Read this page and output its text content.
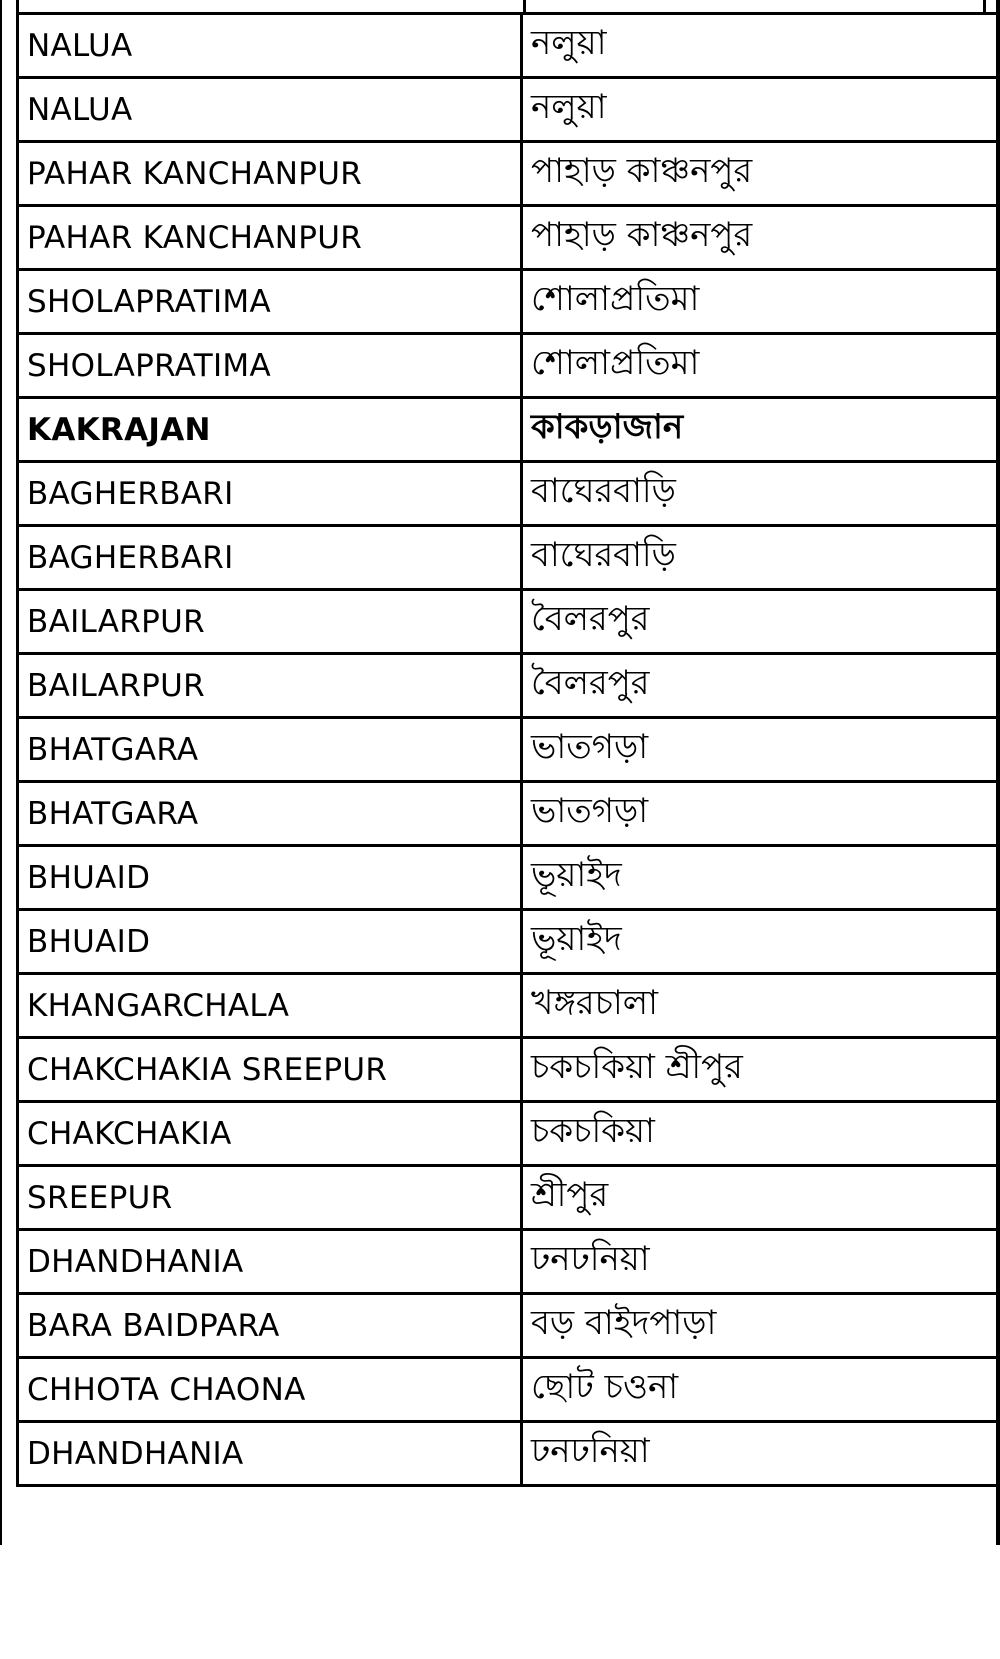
NALUA	নলুয়া
NALUA	নলুয়া
PAHAR KANCHANPUR	পাহাড় কাঞ্চনপুর
PAHAR KANCHANPUR	পাহাড় কাঞ্চনপুর
SHOLAPRATIMA	শোলাপ্রতিমা
SHOLAPRATIMA	শোলাপ্রতিমা
KAKRAJAN	কাকড়াজান
BAGHERBARI	বাঘেরবাড়ি
BAGHERBARI	বাঘেরবাড়ি
BAILARPUR	বৈলরপুর
BAILARPUR	বৈলরপুর
BHATGARA	ভাতগড়া
BHATGARA	ভাতগড়া
BHUAID	ভূয়াইদ
BHUAID	ভূয়াইদ
KHANGARCHALA	খঙ্গরচালা
CHAKCHAKIA SREEPUR	চকচকিয়া শ্রীপুর
CHAKCHAKIA	চকচকিয়া
SREEPUR	শ্রীপুর
DHANDHANIA	ঢনঢনিয়া
BARA BAIDPARA	বড় বাইদপাড়া
CHHOTA CHAONA	ছোট চওনা
DHANDHANIA	ঢনঢনিয়া
